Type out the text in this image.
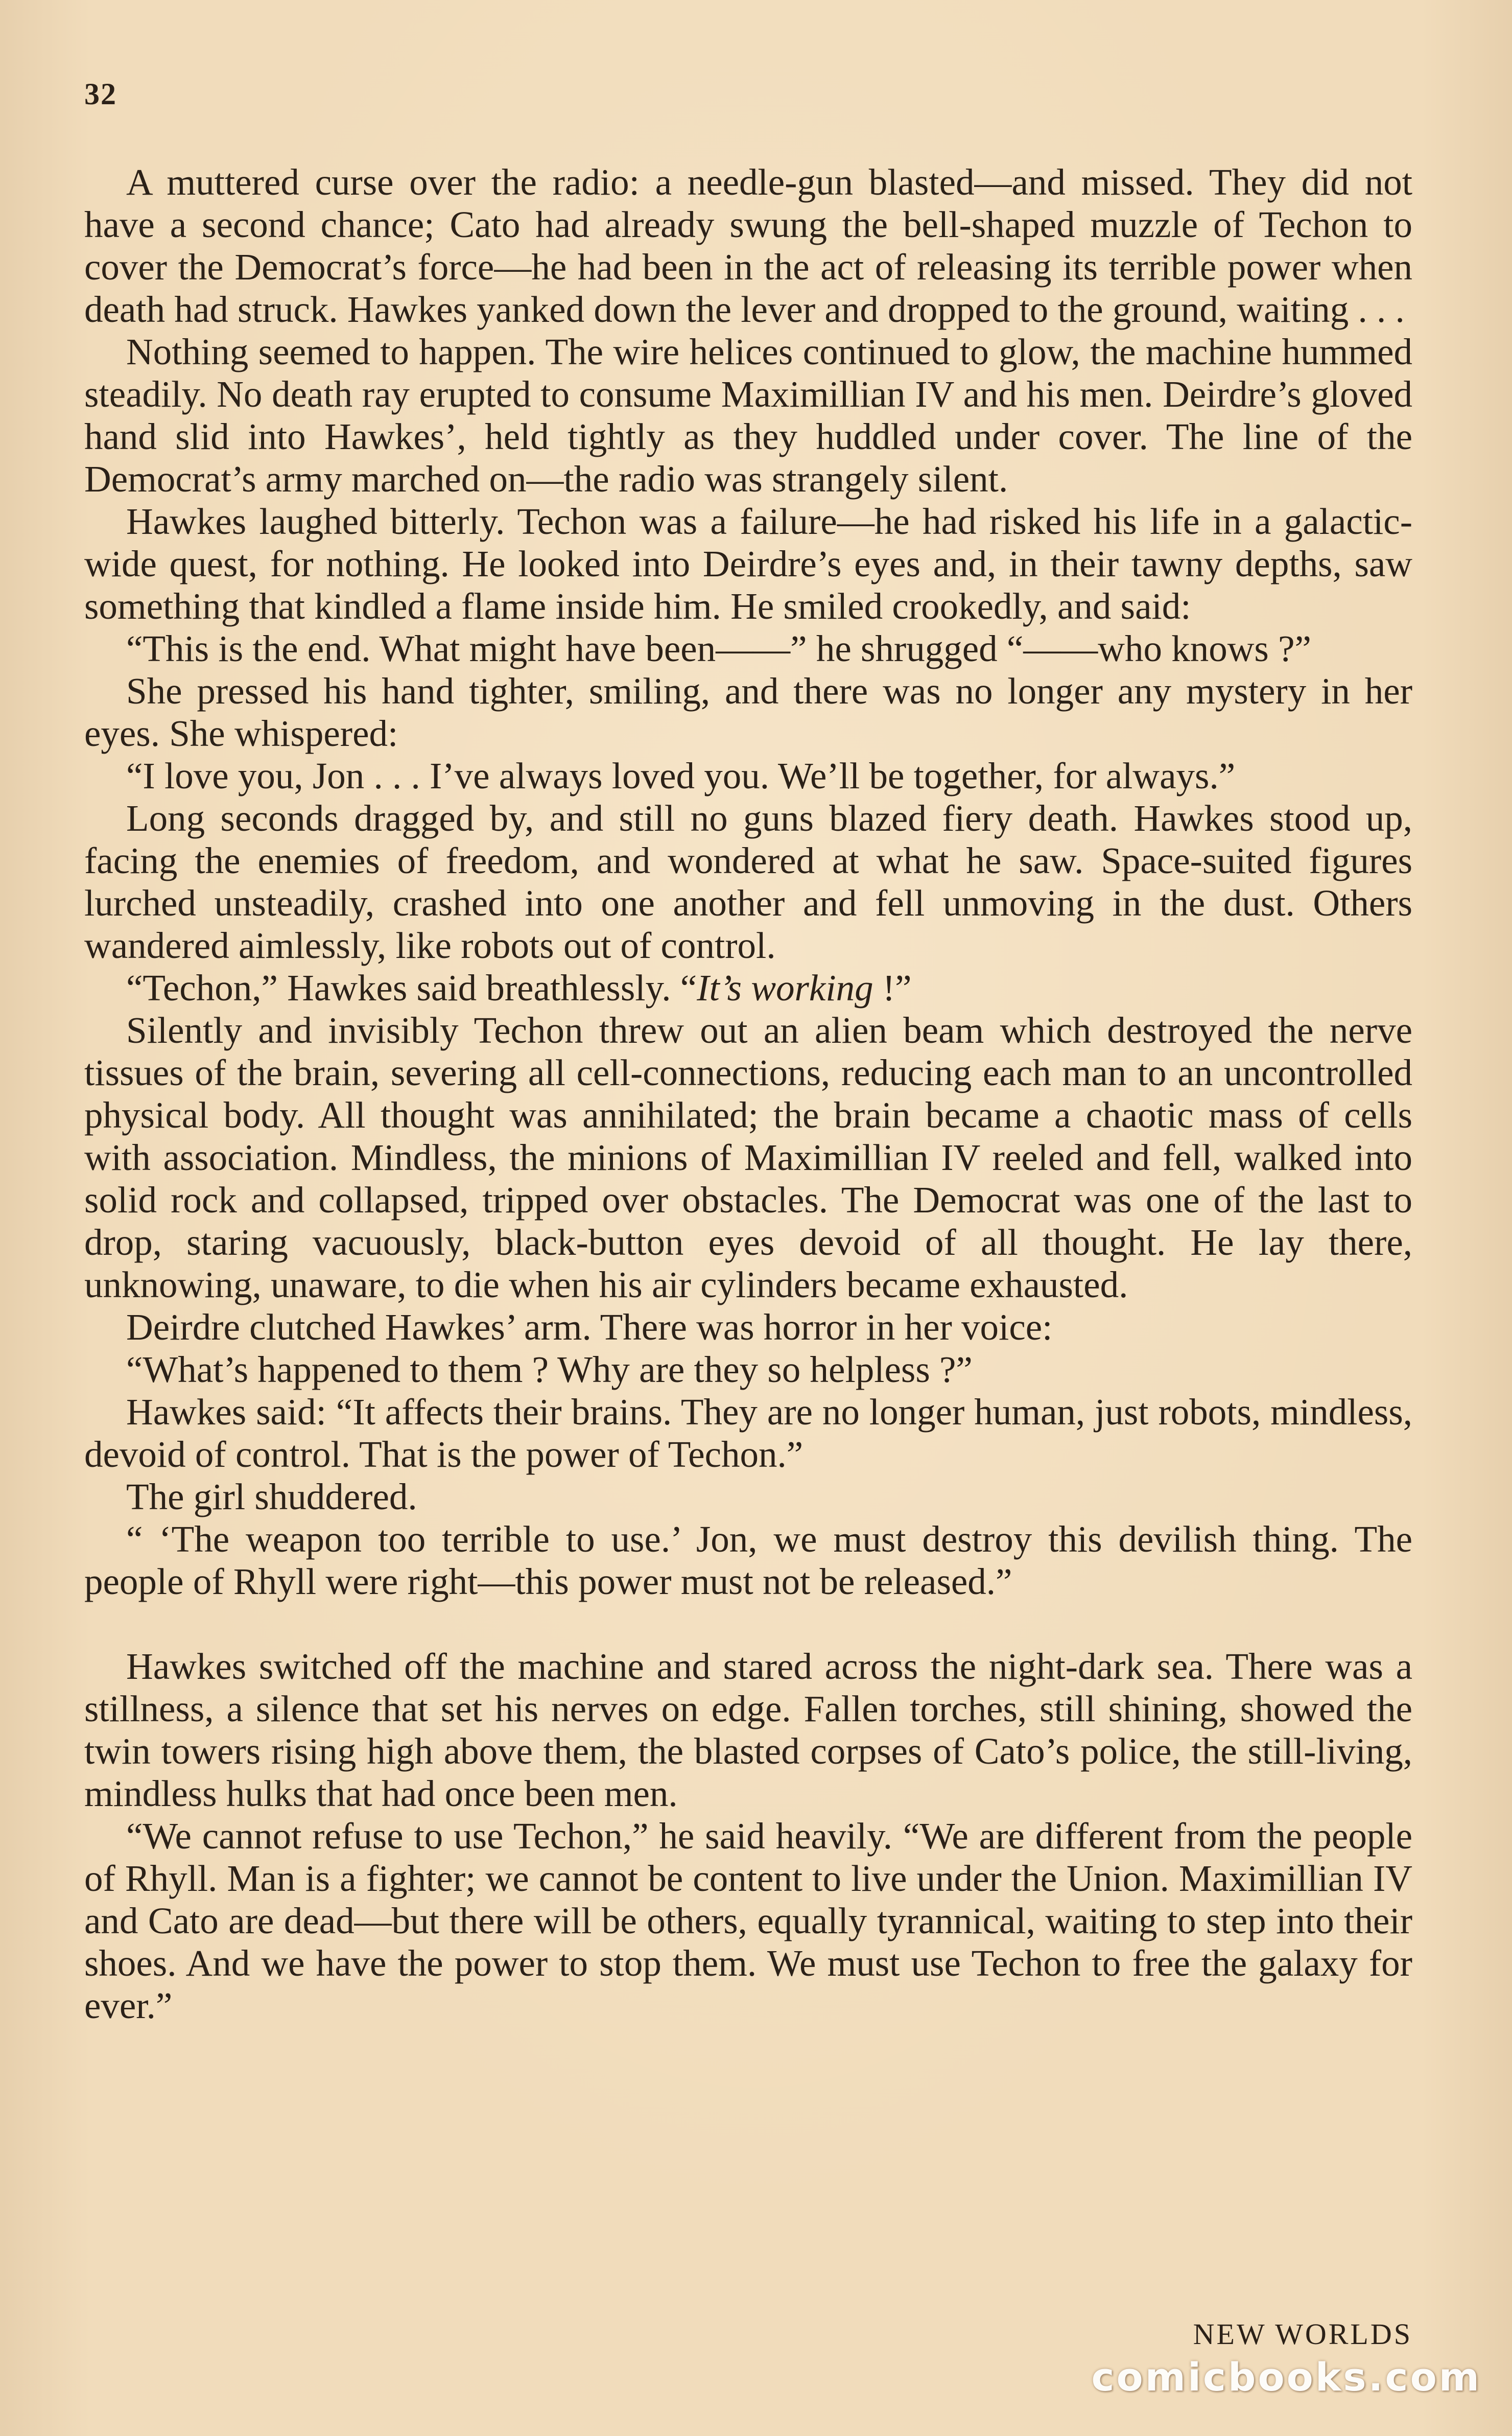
32

A muttered curse over the radio: a needle-gun blasted—and missed. They did not have a second chance; Cato had already swung the bell-shaped muzzle of Techon to cover the Democrat’s force—he had been in the act of releasing its terrible power when death had struck. Hawkes yanked down the lever and dropped to the ground, waiting . . .

Nothing seemed to happen. The wire helices continued to glow, the machine hummed steadily. No death ray erupted to consume Maximillian IV and his men. Deirdre’s gloved hand slid into Hawkes’, held tightly as they huddled under cover. The line of the Democrat’s army marched on—the radio was strangely silent.

Hawkes laughed bitterly. Techon was a failure—he had risked his life in a galactic-wide quest, for nothing. He looked into Deirdre’s eyes and, in their tawny depths, saw something that kindled a flame inside him. He smiled crookedly, and said:

“This is the end. What might have been——” he shrugged “——who knows ?”

She pressed his hand tighter, smiling, and there was no longer any mystery in her eyes. She whispered:

“I love you, Jon . . . I’ve always loved you. We’ll be together, for always.”

Long seconds dragged by, and still no guns blazed fiery death. Hawkes stood up, facing the enemies of freedom, and wondered at what he saw. Space-suited figures lurched unsteadily, crashed into one another and fell unmoving in the dust. Others wandered aimlessly, like robots out of control.

“Techon,” Hawkes said breathlessly. “It’s working !”

Silently and invisibly Techon threw out an alien beam which destroyed the nerve tissues of the brain, severing all cell-connections, reducing each man to an uncontrolled physical body. All thought was annihilated; the brain became a chaotic mass of cells with association. Mindless, the minions of Maximillian IV reeled and fell, walked into solid rock and collapsed, tripped over obstacles. The Democrat was one of the last to drop, staring vacuously, black-button eyes devoid of all thought. He lay there, unknowing, unaware, to die when his air cylinders became exhausted.

Deirdre clutched Hawkes’ arm. There was horror in her voice:

“What’s happened to them ? Why are they so helpless ?”

Hawkes said: “It affects their brains. They are no longer human, just robots, mindless, devoid of control. That is the power of Techon.”

The girl shuddered.

“ ‘The weapon too terrible to use.’ Jon, we must destroy this devilish thing. The people of Rhyll were right—this power must not be released.”

Hawkes switched off the machine and stared across the night-dark sea. There was a stillness, a silence that set his nerves on edge. Fallen torches, still shining, showed the twin towers rising high above them, the blasted corpses of Cato’s police, the still-living, mindless hulks that had once been men.

“We cannot refuse to use Techon,” he said heavily. “We are different from the people of Rhyll. Man is a fighter; we cannot be content to live under the Union. Maximillian IV and Cato are dead—but there will be others, equally tyrannical, waiting to step into their shoes. And we have the power to stop them. We must use Techon to free the galaxy for ever.”

NEW WORLDS
comicbooks.com
